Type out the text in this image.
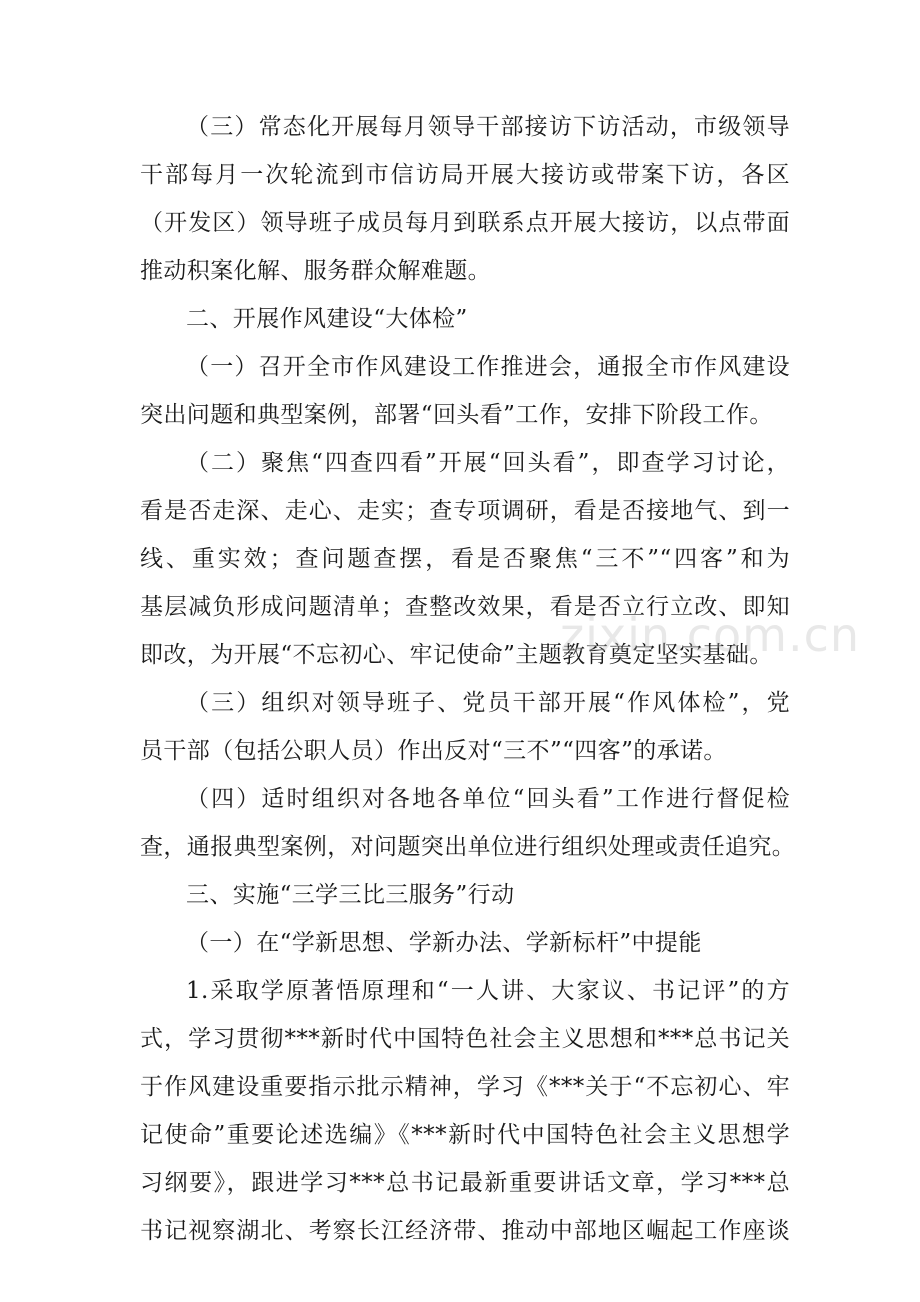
（三）常态化开展每月领导干部接访下访活动，市级领导
干部每月一次轮流到市信访局开展大接访或带案下访，各区
（开发区）领导班子成员每月到联系点开展大接访，以点带面
推动积案化解、服务群众解难题。
二、开展作风建设“大体检”
（一）召开全市作风建设工作推进会，通报全市作风建设
突出问题和典型案例，部署“回头看”工作，安排下阶段工作。
（二）聚焦“四查四看”开展“回头看”，即查学习讨论，
看是否走深、走心、走实；查专项调研，看是否接地气、到一
线、重实效；查问题查摆，看是否聚焦“三不”“四客”和为
基层减负形成问题清单；查整改效果，看是否立行立改、即知
即改，为开展“不忘初心、牢记使命”主题教育奠定坚实基础。
（三）组织对领导班子、党员干部开展“作风体检”，党
员干部（包括公职人员）作出反对“三不”“四客”的承诺。
（四）适时组织对各地各单位“回头看”工作进行督促检
查，通报典型案例，对问题突出单位进行组织处理或责任追究。
三、实施“三学三比三服务”行动
（一）在“学新思想、学新办法、学新标杆”中提能
1.采取学原著悟原理和“一人讲、大家议、书记评”的方
式，学习贯彻***新时代中国特色社会主义思想和***总书记关
于作风建设重要指示批示精神，学习《***关于“不忘初心、牢
记使命”重要论述选编》《***新时代中国特色社会主义思想学
习纲要》，跟进学习***总书记最新重要讲话文章，学习***总
书记视察湖北、考察长江经济带、推动中部地区崛起工作座谈
zixin.com.cn
